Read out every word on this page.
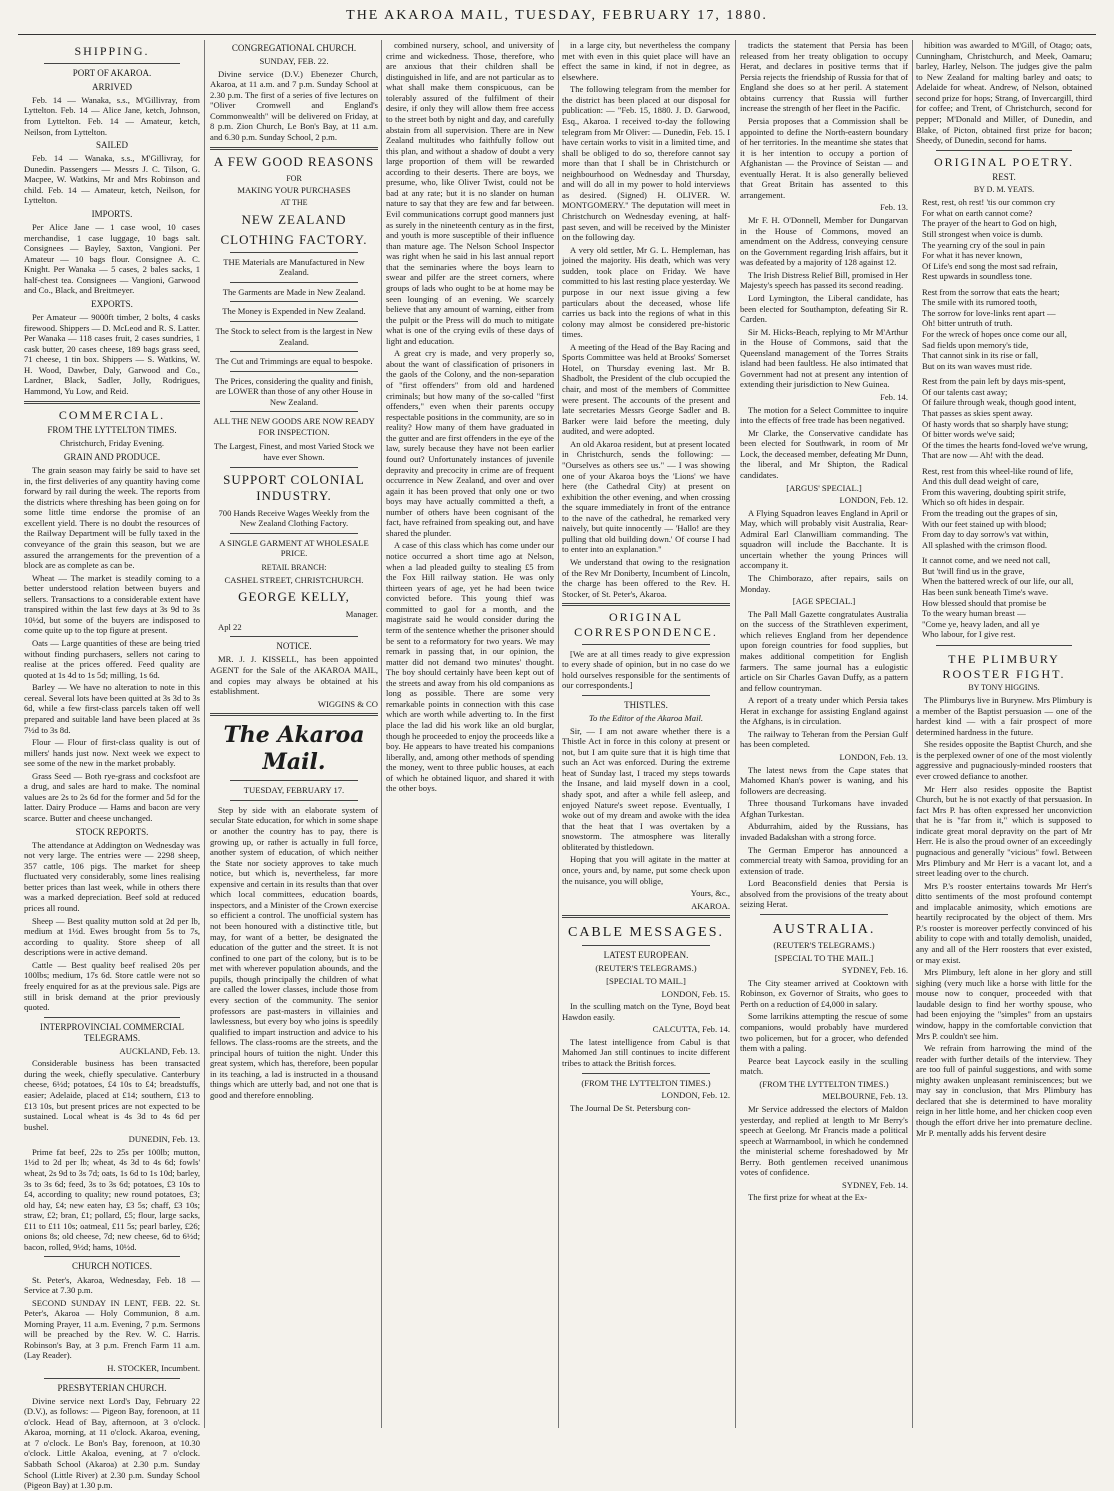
THE AKAROA MAIL, TUESDAY, FEBRUARY 17, 1880.
SHIPPING.
PORT OF AKAROA.
ARRIVED

Feb. 14 — Wanaka, s.s., M'Gillivray, from Lyttelton. Feb. 14 — Alice Jane, ketch, Johnson, from Lyttelton. Feb. 14 — Amateur, ketch, Neilson, from Lyttelton.

SAILED

Feb. 14 — Wanaka, s.s., M'Gillivray, for Dunedin. Passengers — Messrs J. C. Tilson, G. Macpee, W. Watkins, Mr and Mrs Robinson and child. Feb. 14 — Amateur, ketch, Neilson, for Lyttelton.

IMPORTS.

Per Alice Jane — 1 case wool, 10 cases merchandise, 1 case luggage, 10 bags salt. Consignees — Bayley, Saxton, Vangioni. Per Amateur — 10 bags flour. Consignee A. C. Knight. Per Wanaka — 5 cases, 2 bales sacks, 1 half-chest tea. Consignees — Vangioni, Garwood and Co., Black, and Breitmeyer.

EXPORTS.

Per Amateur — 9000ft timber, 2 bolts, 4 casks firewood. Shippers — D. McLeod and R. S. Latter. Per Wanaka — 118 cases fruit, 2 cases sundries, 1 cask butter, 20 cases cheese, 189 bags grass seed, 71 cheese, 1 tin box. Shippers — S. Watkins, W. H. Wood, Dawber, Daly, Garwood and Co., Lardner, Black, Sadler, Jolly, Rodrigues, Hammond, Yu Low, and Reid.

COMMERCIAL.
FROM THE LYTTELTON TIMES.

Christchurch, Friday Evening.

GRAIN AND PRODUCE.

The grain season may fairly be said to have set in, the first deliveries of any quantity having come forward by rail during the week. The reports from the districts where threshing has been going on for some little time endorse the promise of an excellent yield. There is no doubt the resources of the Railway Department will be fully taxed in the conveyance of the grain this season, but we are assured the arrangements for the prevention of a block are as complete as can be.

Wheat — The market is steadily coming to a better understood relation between buyers and sellers. Transactions to a considerable extent have transpired within the last few days at 3s 9d to 3s 10½d, but some of the buyers are indisposed to come quite up to the top figure at present.

Oats — Large quantities of these are being tried without finding purchasers, sellers not caring to realise at the prices offered. Feed quality are quoted at 1s 4d to 1s 5d; milling, 1s 6d.

Barley — We have no alteration to note in this cereal. Several lots have been quitted at 3s 3d to 3s 6d, while a few first-class parcels taken off well prepared and suitable land have been placed at 3s 7½d to 3s 8d.

Flour — Flour of first-class quality is out of millers' hands just now. Next week we expect to see some of the new in the market probably.

Grass Seed — Both rye-grass and cocksfoot are a drug, and sales are hard to make. The nominal values are 2s to 2s 6d for the former and 5d for the latter. Dairy Produce — Hams and bacon are very scarce. Butter and cheese unchanged.

STOCK REPORTS.

The attendance at Addington on Wednesday was not very large. The entries were — 2298 sheep, 357 cattle, 106 pigs. The market for sheep fluctuated very considerably, some lines realising better prices than last week, while in others there was a marked depreciation. Beef sold at reduced prices all round.

Sheep — Best quality mutton sold at 2d per lb, medium at 1½d. Ewes brought from 5s to 7s, according to quality. Store sheep of all descriptions were in active demand.

Cattle — Best quality beef realised 20s per 100lbs; medium, 17s 6d. Store cattle were not so freely enquired for as at the previous sale. Pigs are still in brisk demand at the prior previously quoted.

INTERPROVINCIAL COMMERCIAL TELEGRAMS.

AUCKLAND, Feb. 13.

Considerable business has been transacted during the week, chiefly speculative. Canterbury cheese, 6½d; potatoes, £4 10s to £4; breadstuffs, easier; Adelaide, placed at £14; southern, £13 to £13 10s, but present prices are not expected to be sustained. Local wheat is 4s 3d to 4s 6d per bushel.

DUNEDIN, Feb. 13.

Prime fat beef, 22s to 25s per 100lb; mutton, 1½d to 2d per lb; wheat, 4s 3d to 4s 6d; fowls' wheat, 2s 9d to 3s 7d; oats, 1s 6d to 1s 10d; barley, 3s to 3s 6d; feed, 3s to 3s 6d; potatoes, £3 10s to £4, according to quality; new round potatoes, £3; old hay, £4; new eaten hay, £3 5s; chaff, £3 10s; straw, £2; bran, £1; pollard, £5; flour, large sacks, £11 to £11 10s; oatmeal, £11 5s; pearl barley, £26; onions 8s; old cheese, 7d; new cheese, 6d to 6½d; bacon, rolled, 9½d; hams, 10½d.

CHURCH NOTICES.

St. Peter's, Akaroa, Wednesday, Feb. 18 — Service at 7.30 p.m.

SECOND SUNDAY IN LENT, FEB. 22. St. Peter's, Akaroa — Holy Communion, 8 a.m. Morning Prayer, 11 a.m. Evening, 7 p.m. Sermons will be preached by the Rev. W. C. Harris. Robinson's Bay, at 3 p.m. French Farm 11 a.m. (Lay Reader).

H. STOCKER, Incumbent.

PRESBYTERIAN CHURCH.

Divine service next Lord's Day, February 22 (D.V.), as follows: — Pigeon Bay, forenoon, at 11 o'clock. Head of Bay, afternoon, at 3 o'clock. Akaroa, morning, at 11 o'clock. Akaroa, evening, at 7 o'clock. Le Bon's Bay, forenoon, at 10.30 o'clock. Little Akaloa, evening, at 7 o'clock. Sabbath School (Akaroa) at 2.30 p.m. Sunday School (Little River) at 2.30 p.m. Sunday School (Pigeon Bay) at 1.30 p.m.

CONGREGATIONAL CHURCH.

SUNDAY, FEB. 22.

Divine service (D.V.) Ebenezer Church, Akaroa, at 11 a.m. and 7 p.m. Sunday School at 2.30 p.m. The first of a series of five lectures on "Oliver Cromwell and England's Commonwealth" will be delivered on Friday, at 8 p.m. Zion Church, Le Bon's Bay, at 11 a.m. and 6.30 p.m. Sunday School, 2 p.m.

A FEW GOOD REASONS

FOR

MAKING YOUR PURCHASES

AT THE

NEW ZEALAND
CLOTHING FACTORY.

THE Materials are Manufactured in New Zealand.

The Garments are Made in New Zealand.

The Money is Expended in New Zealand.

The Stock to select from is the largest in New Zealand.

The Cut and Trimmings are equal to bespoke.

The Prices, considering the quality and finish, are LOWER than those of any other House in New Zealand.

ALL THE NEW GOODS ARE NOW READY FOR INSPECTION.

The Largest, Finest, and most Varied Stock we have ever Shown.

SUPPORT COLONIAL INDUSTRY.

700 Hands Receive Wages Weekly from the New Zealand Clothing Factory.

A SINGLE GARMENT AT WHOLESALE PRICE.

RETAIL BRANCH:

CASHEL STREET, CHRISTCHURCH.

GEORGE KELLY,

Manager.

Apl 22

NOTICE.

MR. J. J. KISSELL, has been appointed AGENT for the Sale of the AKAROA MAIL, and copies may always be obtained at his establishment.

WIGGINS & CO

The Akaroa Mail.

TUESDAY, FEBRUARY 17.

Step by side with an elaborate system of secular State education, for which in some shape or another the country has to pay, there is growing up, or rather is actually in full force, another system of education, of which neither the State nor society approves to take much notice, but which is, nevertheless, far more expensive and certain in its results than that over which local committees, education boards, inspectors, and a Minister of the Crown exercise so efficient a control. The unofficial system has not been honoured with a distinctive title, but may, for want of a better, be designated the education of the gutter and the street. It is not confined to one part of the colony, but is to be met with wherever population abounds, and the pupils, though principally the children of what are called the lower classes, include those from every section of the community. The senior professors are past-masters in villainies and lawlessness, but every boy who joins is speedily qualified to impart instruction and advice to his fellows. The class-rooms are the streets, and the principal hours of tuition the night. Under this great system, which has, therefore, been popular in its teaching, a lad is instructed in a thousand things which are utterly bad, and not one that is good and therefore ennobling.

combined nursery, school, and university of crime and wickedness. Those, therefore, who are anxious that their children shall be distinguished in life, and are not particular as to what shall make them conspicuous, can be tolerably assured of the fulfilment of their desire, if only they will allow them free access to the street both by night and day, and carefully abstain from all supervision. There are in New Zealand multitudes who faithfully follow out this plan, and without a shadow of doubt a very large proportion of them will be rewarded according to their deserts. There are boys, we presume, who, like Oliver Twist, could not be bad at any rate; but it is no slander on human nature to say that they are few and far between. Evil communications corrupt good manners just as surely in the nineteenth century as in the first, and youth is more susceptible of their influence than mature age. The Nelson School Inspector was right when he said in his last annual report that the seminaries where the boys learn to swear and pilfer are the street corners, where groups of lads who ought to be at home may be seen lounging of an evening. We scarcely believe that any amount of warning, either from the pulpit or the Press will do much to mitigate what is one of the crying evils of these days of light and education.

A great cry is made, and very properly so, about the want of classification of prisoners in the gaols of the Colony, and the non-separation of "first offenders" from old and hardened criminals; but how many of the so-called "first offenders," even when their parents occupy respectable positions in the community, are so in reality? How many of them have graduated in the gutter and are first offenders in the eye of the law, surely because they have not been earlier found out? Unfortunately instances of juvenile depravity and precocity in crime are of frequent occurrence in New Zealand, and over and over again it has been proved that only one or two boys may have actually committed a theft, a number of others have been cognisant of the fact, have refrained from speaking out, and have shared the plunder.

A case of this class which has come under our notice occurred a short time ago at Nelson, when a lad pleaded guilty to stealing £5 from the Fox Hill railway station. He was only thirteen years of age, yet he had been twice convicted before. This young thief was committed to gaol for a month, and the magistrate said he would consider during the term of the sentence whether the prisoner should be sent to a reformatory for two years. We may remark in passing that, in our opinion, the matter did not demand two minutes' thought. The boy should certainly have been kept out of the streets and away from his old companions as long as possible. There are some very remarkable points in connection with this case which are worth while adverting to. In the first place the lad did his work like an old burglar, though he proceeded to enjoy the proceeds like a boy. He appears to have treated his companions liberally, and, among other methods of spending the money, went to three public houses, at each of which he obtained liquor, and shared it with the other boys.

in a large city, but nevertheless the company met with even in this quiet place will have an effect the same in kind, if not in degree, as elsewhere.

The following telegram from the member for the district has been placed at our disposal for publication: — "Feb. 15, 1880. J. D. Garwood, Esq., Akaroa. I received to-day the following telegram from Mr Oliver: — Dunedin, Feb. 15. I have certain works to visit in a limited time, and shall be obliged to do so, therefore cannot say more than that I shall be in Christchurch or neighbourhood on Wednesday and Thursday, and will do all in my power to hold interviews as desired. (Signed) H. OLIVER. W. MONTGOMERY." The deputation will meet in Christchurch on Wednesday evening, at half-past seven, and will be received by the Minister on the following day.

A very old settler, Mr G. L. Hempleman, has joined the majority. His death, which was very sudden, took place on Friday. We have committed to his last resting place yesterday. We purpose in our next issue giving a few particulars about the deceased, whose life carries us back into the regions of what in this colony may almost be considered pre-historic times.

A meeting of the Head of the Bay Racing and Sports Committee was held at Brooks' Somerset Hotel, on Thursday evening last. Mr B. Shadbolt, the President of the club occupied the chair, and most of the members of Committee were present. The accounts of the present and late secretaries Messrs George Sadler and B. Barker were laid before the meeting, duly audited, and were adopted.

An old Akaroa resident, but at present located in Christchurch, sends the following: — "Ourselves as others see us." — I was showing one of your Akaroa boys the 'Lions' we have here (the Cathedral City) at present on exhibition the other evening, and when crossing the square immediately in front of the entrance to the nave of the cathedral, he remarked very naively, but quite innocently — 'Hallo! are they pulling that old building down.' Of course I had to enter into an explanation."

We understand that owing to the resignation of the Rev Mr Doniberty, Incumbent of Lincoln, the charge has been offered to the Rev. H. Stocker, of St. Peter's, Akaroa.

ORIGINAL CORRESPONDENCE.

[We are at all times ready to give expression to every shade of opinion, but in no case do we hold ourselves responsible for the sentiments of our correspondents.]

THISTLES.

To the Editor of the Akaroa Mail.

Sir, — I am not aware whether there is a Thistle Act in force in this colony at present or not, but I am quite sure that it is high time that such an Act was enforced. During the extreme heat of Sunday last, I traced my steps towards the Insane, and laid myself down in a cool, shady spot, and after a while fell asleep, and enjoyed Nature's sweet repose. Eventually, I woke out of my dream and awoke with the idea that the heat that I was overtaken by a snowstorm. The atmosphere was literally obliterated by thistledown.

Hoping that you will agitate in the matter at once, yours and, by name, put some check upon the nuisance, you will oblige,

Yours, &c.,

AKAROA.

CABLE MESSAGES.
LATEST EUROPEAN.

(REUTER'S TELEGRAMS.)

[SPECIAL TO MAIL.]

LONDON, Feb. 15.

In the sculling match on the Tyne, Boyd beat Hawdon easily.

CALCUTTA, Feb. 14.

The latest intelligence from Cabul is that Mahomed Jan still continues to incite different tribes to attack the British forces.

(FROM THE LYTTELTON TIMES.)

LONDON, Feb. 12.

The Journal De St. Petersburg con-

tradicts the statement that Persia has been released from her treaty obligation to occupy Herat, and declares in positive terms that if Persia rejects the friendship of Russia for that of England she does so at her peril. A statement obtains currency that Russia will further increase the strength of her fleet in the Pacific.

Persia proposes that a Commission shall be appointed to define the North-eastern boundary of her territories. In the meantime she states that it is her intention to occupy a portion of Afghanistan — the Province of Seistan — and eventually Herat. It is also generally believed that Great Britain has assented to this arrangement.

Feb. 13.

Mr F. H. O'Donnell, Member for Dungarvan in the House of Commons, moved an amendment on the Address, conveying censure on the Government regarding Irish affairs, but it was defeated by a majority of 128 against 12.

The Irish Distress Relief Bill, promised in Her Majesty's speech has passed its second reading.

Lord Lymington, the Liberal candidate, has been elected for Southampton, defeating Sir R. Carden.

Sir M. Hicks-Beach, replying to Mr M'Arthur in the House of Commons, said that the Queensland management of the Torres Straits island had been faultless. He also intimated that Government had not at present any intention of extending their jurisdiction to New Guinea.

Feb. 14.

The motion for a Select Committee to inquire into the effects of free trade has been negatived.

Mr Clarke, the Conservative candidate has been elected for Southwark, in room of Mr Lock, the deceased member, defeating Mr Dunn, the liberal, and Mr Shipton, the Radical candidates.

[ARGUS' SPECIAL.]

LONDON, Feb. 12.

A Flying Squadron leaves England in April or May, which will probably visit Australia, Rear-Admiral Earl Clanwilliam commanding. The squadron will include the Bacchante. It is uncertain whether the young Princes will accompany it.

The Chimborazo, after repairs, sails on Monday.

[AGE SPECIAL.]

The Pall Mall Gazette congratulates Australia on the success of the Strathleven experiment, which relieves England from her dependence upon foreign countries for food supplies, but makes additional competition for English farmers. The same journal has a eulogistic article on Sir Charles Gavan Duffy, as a pattern and fellow countryman.

A report of a treaty under which Persia takes Herat in exchange for assisting England against the Afghans, is in circulation.

The railway to Teheran from the Persian Gulf has been completed.

LONDON, Feb. 13.

The latest news from the Cape states that Mahomed Khan's power is waning, and his followers are decreasing.

Three thousand Turkomans have invaded Afghan Turkestan.

Abdurrahim, aided by the Russians, has invaded Badakshan with a strong force.

The German Emperor has announced a commercial treaty with Samoa, providing for an extension of trade.

Lord Beaconsfield denies that Persia is absolved from the provisions of the treaty about seizing Herat.

AUSTRALIA.

(REUTER'S TELEGRAMS.)

[SPECIAL TO THE MAIL.]

SYDNEY, Feb. 16.

The City steamer arrived at Cooktown with Robinson, ex Governor of Straits, who goes to Perth on a reduction of £4,000 in salary.

Some larrikins attempting the rescue of some companions, would probably have murdered two policemen, but for a grocer, who defended them with a paling.

Pearce beat Laycock easily in the sculling match.

(FROM THE LYTTELTON TIMES.)

MELBOURNE, Feb. 13.

Mr Service addressed the electors of Maldon yesterday, and replied at length to Mr Berry's speech at Geelong. Mr Francis made a political speech at Warrnambool, in which he condemned the ministerial scheme foreshadowed by Mr Berry. Both gentlemen received unanimous votes of confidence.

SYDNEY, Feb. 14.

The first prize for wheat at the Ex-

hibition was awarded to M'Gill, of Otago; oats, Cunningham, Christchurch, and Meek, Oamaru; barley, Harley, Nelson. The judges give the palm to New Zealand for malting barley and oats; to Adelaide for wheat. Andrew, of Nelson, obtained second prize for hops; Strang, of Invercargill, third for coffee; and Trent, of Christchurch, second for pepper; M'Donald and Miller, of Dunedin, and Blake, of Picton, obtained first prize for bacon; Sheedy, of Dunedin, second for hams.

ORIGINAL POETRY.
REST.

BY D. M. YEATS.

Rest, rest, oh rest! 'tis our common cry

For what on earth cannot come?

The prayer of the heart to God on high,

Still strongest when voice is dumb.

The yearning cry of the soul in pain

For what it has never known,

Of Life's end song the most sad refrain,

Rest upwards in soundless tone.

Rest from the sorrow that eats the heart;

The smile with its rumored tooth,

The sorrow for love-links rent apart —

Oh! bitter untruth of truth.

For the wreck of hopes once come our all,

Sad fields upon memory's tide,

That cannot sink in its rise or fall,

But on its wan waves must ride.

Rest from the pain left by days mis-spent,

Of our talents cast away;

Of failure through weak, though good intent,

That passes as skies spent away.

Of hasty words that so sharply have stung;

Of bitter words we've said;

Of the times the hearts fond-loved we've wrung,

That are now — Ah! with the dead.

Rest, rest from this wheel-like round of life,

And this dull dead weight of care,

From this wavering, doubting spirit strife,

Which so oft hides in despair.

From the treading out the grapes of sin,

With our feet stained up with blood;

From day to day sorrow's vat within,

All splashed with the crimson flood.

It cannot come, and we need not call,

But 'twill find us in the grave,

When the battered wreck of our life, our all,

Has been sunk beneath Time's wave.

How blessed should that promise be

To the weary human breast —

"Come ye, heavy laden, and all ye

Who labour, for I give rest.

THE PLIMBURY ROOSTER FIGHT.

BY TONY HIGGINS.

The Plimburys live in Burynew. Mrs Plimbury is a member of the Baptist persuasion — one of the hardest kind — with a fair prospect of more determined hardness in the future.

She resides opposite the Baptist Church, and she is the perplexed owner of one of the most violently aggressive and pugnaciously-minded roosters that ever crowed defiance to another.

Mr Herr also resides opposite the Baptist Church, but he is not exactly of that persuasion. In fact Mrs P. has often expressed her unconviction that he is "far from it," which is supposed to indicate great moral depravity on the part of Mr Herr. He is also the proud owner of an exceedingly pugnacious and generally "vicious" fowl. Between Mrs Plimbury and Mr Herr is a vacant lot, and a street leading over to the church.

Mrs P.'s rooster entertains towards Mr Herr's ditto sentiments of the most profound contempt and implacable animosity, which emotions are heartily reciprocated by the object of them. Mrs P.'s rooster is moreover perfectly convinced of his ability to cope with and totally demolish, unaided, any and all of the Herr roosters that ever existed, or may exist.

Mrs Plimbury, left alone in her glory and still sighing (very much like a horse with little for the mouse now to conquer, proceeded with that laudable design to find her worthy spouse, who had been enjoying the "simples" from an upstairs window, happy in the comfortable conviction that Mrs P. couldn't see him.

We refrain from harrowing the mind of the reader with further details of the interview. They are too full of painful suggestions, and with some mighty awaken unpleasant reminiscences; but we may say in conclusion, that Mrs Plimbury has declared that she is determined to have morality reign in her little home, and her chicken coop even though the effort drive her into premature decline. Mr P. mentally adds his fervent desire
